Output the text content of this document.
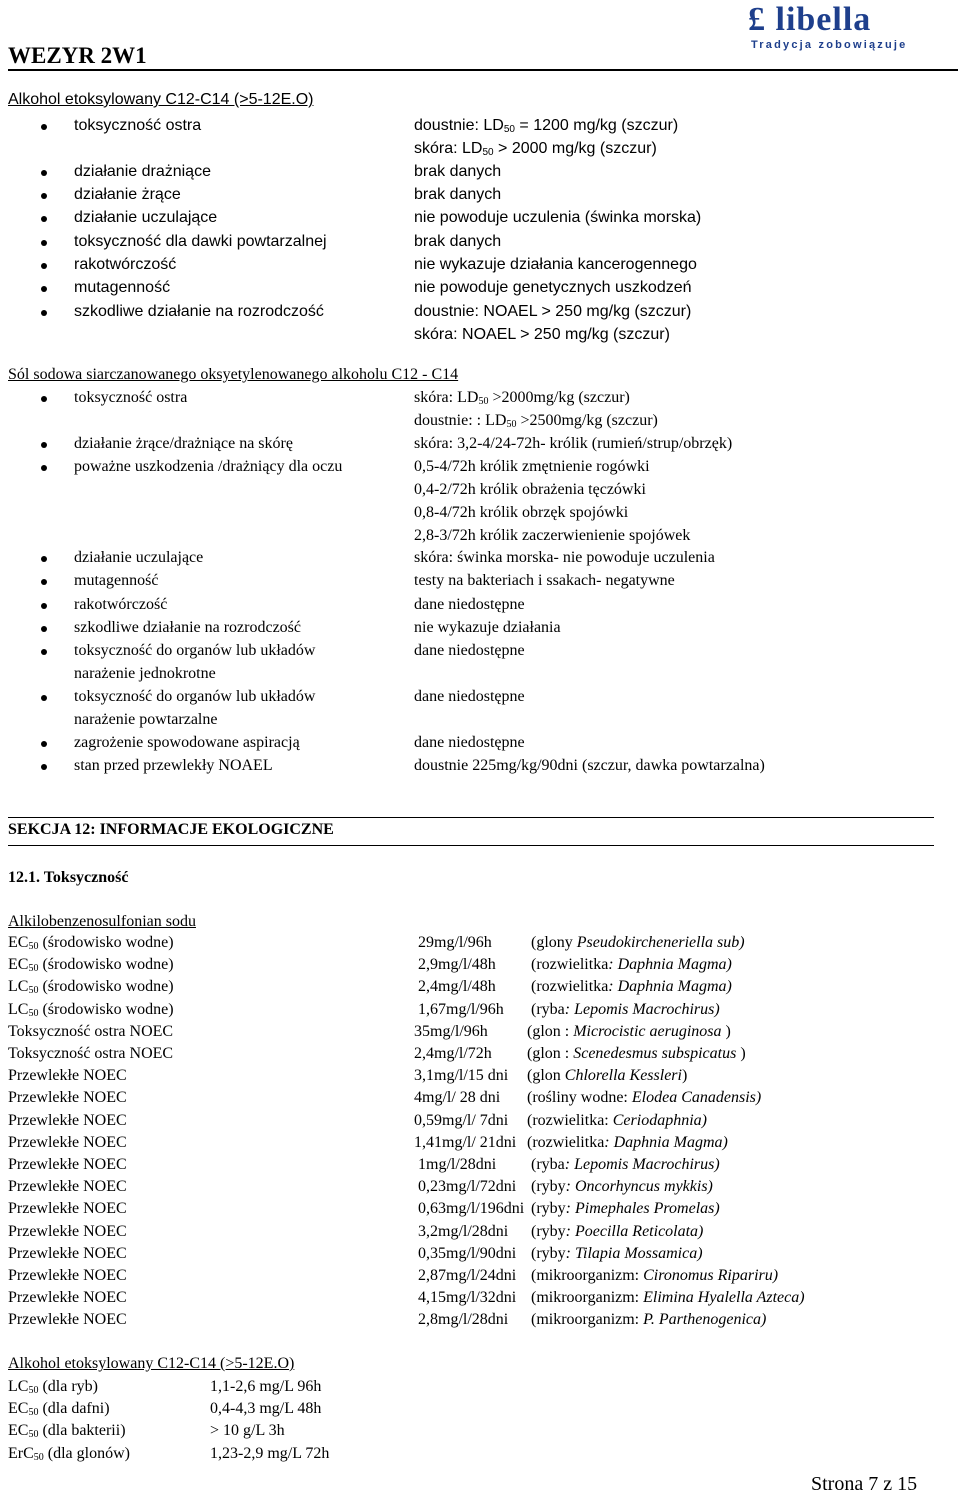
£ libella
Tradycja zobowiązuje
WEZYR 2W1
Alkohol etoksylowany C12-C14 (>5-12E.O)
toksyczność ostra	doustnie: $LD_{50} = 1200$ mg/kg (szczur)
skóra: $LD_{50} > 2000$ mg/kg (szczur)
działanie drażniące	brak danych
działanie żrące	brak danych
działanie uczulające	nie powoduje uczulenia (świnka morska)
toksyczność dla dawki powtarzalnej	brak danych
rakotwórczość	nie wykazuje działania kancerogennego
mutagenność	nie powoduje genetycznych uszkodzeń
szkodliwe działanie na rozrodczość	doustnie: NOAEL > 250 mg/kg (szczur)
skóra: NOAEL > 250 mg/kg (szczur)
Sól sodowa siarczanowanego oksyetylenowanego alkoholu C12 - C14
toksyczność ostra	skóra: $LD_{50} >2000mg/kg$ (szczur)
doustnie: : $LD_{50} >2500mg/kg$ (szczur)
działanie żrące/drażniące na skórę	skóra: 3,2-4/24-72h- królik (rumień/strup/obrzęk)
poważne uszkodzenia /drażniący dla oczu	0,5-4/72h królik zmętnienie rogówki
0,4-2/72h królik obrażenia tęczówki
0,8-4/72h królik obrzęk spojówki
2,8-3/72h królik zaczerwienienie spojówek
działanie uczulające	skóra: świnka morska- nie powoduje uczulenia
mutagenność	testy na bakteriach i ssakach- negatywne
rakotwórczość	dane niedostępne
szkodliwe działanie na rozrodczość	nie wykazuje działania
toksyczność do organów lub układów
narażenie jednokrotne
dane niedostępne
toksyczność do organów lub układów
narażenie powtarzalne
dane niedostępne
zagrożenie spowodowane aspiracją	dane niedostępne
stan przed przewlekły NOAEL	doustnie 225mg/kg/90dni (szczur, dawka powtarzalna)
SEKCJA 12: INFORMACJE EKOLOGICZNE
12.1. Toksyczność
Alkilobenzenosulfonian sodu
$EC_{50}$ (środowisko wodne)	29mg/l/96h (glony Pseudokircheneriella sub)
$EC_{50}$ (środowisko wodne)	2,9mg/l/48h (rozwielitka: Daphnia Magma)
$LC_{50}$ (środowisko wodne)	2,4mg/l/48h (rozwielitka: Daphnia Magma)
$LC_{50}$ (środowisko wodne)	1,67mg/l/96h (ryba: Lepomis Macrochirus)
Toksyczność ostra NOEC	35mg/l/96h (glon : Microcistic aeruginosa )
Toksyczność ostra NOEC	2,4mg/l/72h (glon : Scenedesmus subspicatus )
Przewlekłe NOEC	3,1mg/l/15 dni (glon Chlorella Kessleri)
Przewlekłe NOEC	4mg/l/ 28 dni (rośliny wodne: Elodea Canadensis)
Przewlekłe NOEC	0,59mg/l/ 7dni (rozwielitka: Ceriodaphnia)
Przewlekłe NOEC	1,41mg/l/ 21dni (rozwielitka: Daphnia Magma)
Przewlekłe NOEC	1mg/l/28dni (ryba: Lepomis Macrochirus)
Przewlekłe NOEC	0,23mg/l/72dni (ryby: Oncorhyncus mykkis)
Przewlekłe NOEC	0,63mg/l/196dni (ryby: Pimephales Promelas)
Przewlekłe NOEC	3,2mg/l/28dni (ryby: Poecilla Reticolata)
Przewlekłe NOEC	0,35mg/l/90dni (ryby: Tilapia Mossamica)
Przewlekłe NOEC	2,87mg/l/24dni (mikroorganizm: Cironomus Ripariru)
Przewlekłe NOEC	4,15mg/l/32dni (mikroorganizm: Elimina Hyalella Azteca)
Przewlekłe NOEC	2,8mg/l/28dni (mikroorganizm: P. Parthenogenica)
Alkohol etoksylowany C12-C14 (>5-12E.O)
$LC_{50}$ (dla ryb)	1,1-2,6 mg/L 96h
$EC_{50}$ (dla dafni)	0,4-4,3 mg/L 48h
$EC_{50}$ (dla bakterii)	> 10 g/L 3h
ErC$_{50}$ (dla glonów)	1,23-2,9 mg/L 72h
Strona 7 z 15
